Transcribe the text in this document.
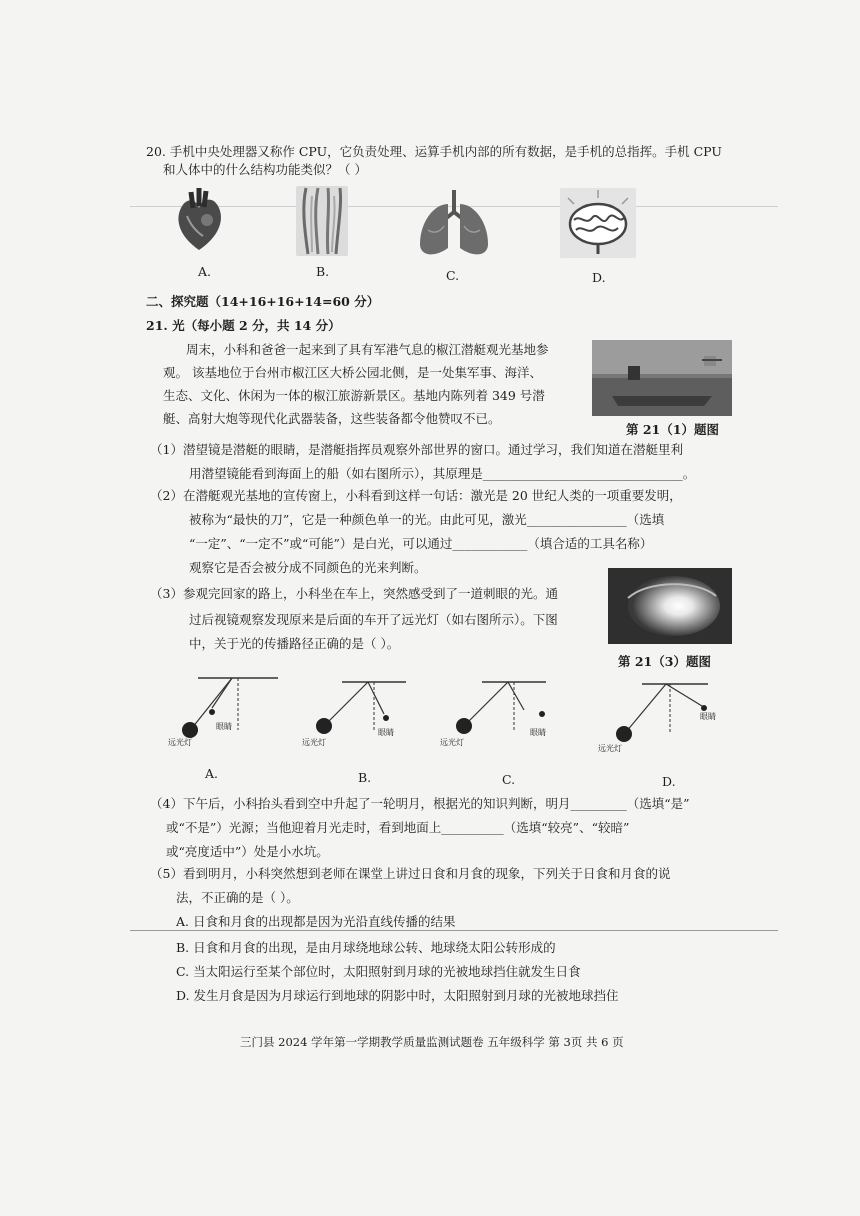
20. 手机中央处理器又称作 CPU，它负责处理、运算手机内部的所有数据，是手机的总指挥。手机 CPU
和人体中的什么结构功能类似？（ ）
A.	B.	C.	D.
二、探究题（14+16+16+14=60 分）
21. 光（每小题 2 分，共 14 分）
周末，小科和爸爸一起来到了具有军港气息的椒江潜艇观光基地参
观。 该基地位于台州市椒江区大桥公园北侧，是一处集军事、海洋、
生态、文化、休闲为一体的椒江旅游新景区。基地内陈列着 349 号潜
艇、高射大炮等现代化武器装备，这些装备都令他赞叹不已。
第 21（1）题图
（1）潜望镜是潜艇的眼睛，是潜艇指挥员观察外部世界的窗口。通过学习，我们知道在潜艇里利
用潜望镜能看到海面上的船（如右图所示），其原理是________________________________。
（2）在潜艇观光基地的宣传窗上，小科看到这样一句话：激光是 20 世纪人类的一项重要发明，
被称为“最快的刀”，它是一种颜色单一的光。由此可见，激光________________（选填
“一定”、“一定不”或“可能”）是白光，可以通过____________（填合适的工具名称）
观察它是否会被分成不同颜色的光来判断。
（3）参观完回家的路上，小科坐在车上，突然感受到了一道刺眼的光。通
过后视镜观察发现原来是后面的车开了远光灯（如右图所示）。下图
中，关于光的传播路径正确的是（ ）。
第 21（3）题图
远光灯
眼睛
A.
远光灯
眼睛
B.
远光灯
眼睛
C.
远光灯
眼睛
D.
（4）下午后，小科抬头看到空中升起了一轮明月，根据光的知识判断，明月_________（选填“是”
或“不是”）光源；当他迎着月光走时，看到地面上__________（选填“较亮”、“较暗”
或“亮度适中”）处是小水坑。
（5）看到明月，小科突然想到老师在课堂上讲过日食和月食的现象，下列关于日食和月食的说
法，不正确的是（ ）。
A. 日食和月食的出现都是因为光沿直线传播的结果
B. 日食和月食的出现，是由月球绕地球公转、地球绕太阳公转形成的
C. 当太阳运行至某个部位时，太阳照射到月球的光被地球挡住就发生日食
D. 发生月食是因为月球运行到地球的阴影中时，太阳照射到月球的光被地球挡住
三门县 2024 学年第一学期教学质量监测试题卷 五年级科学 第 3页 共 6 页
